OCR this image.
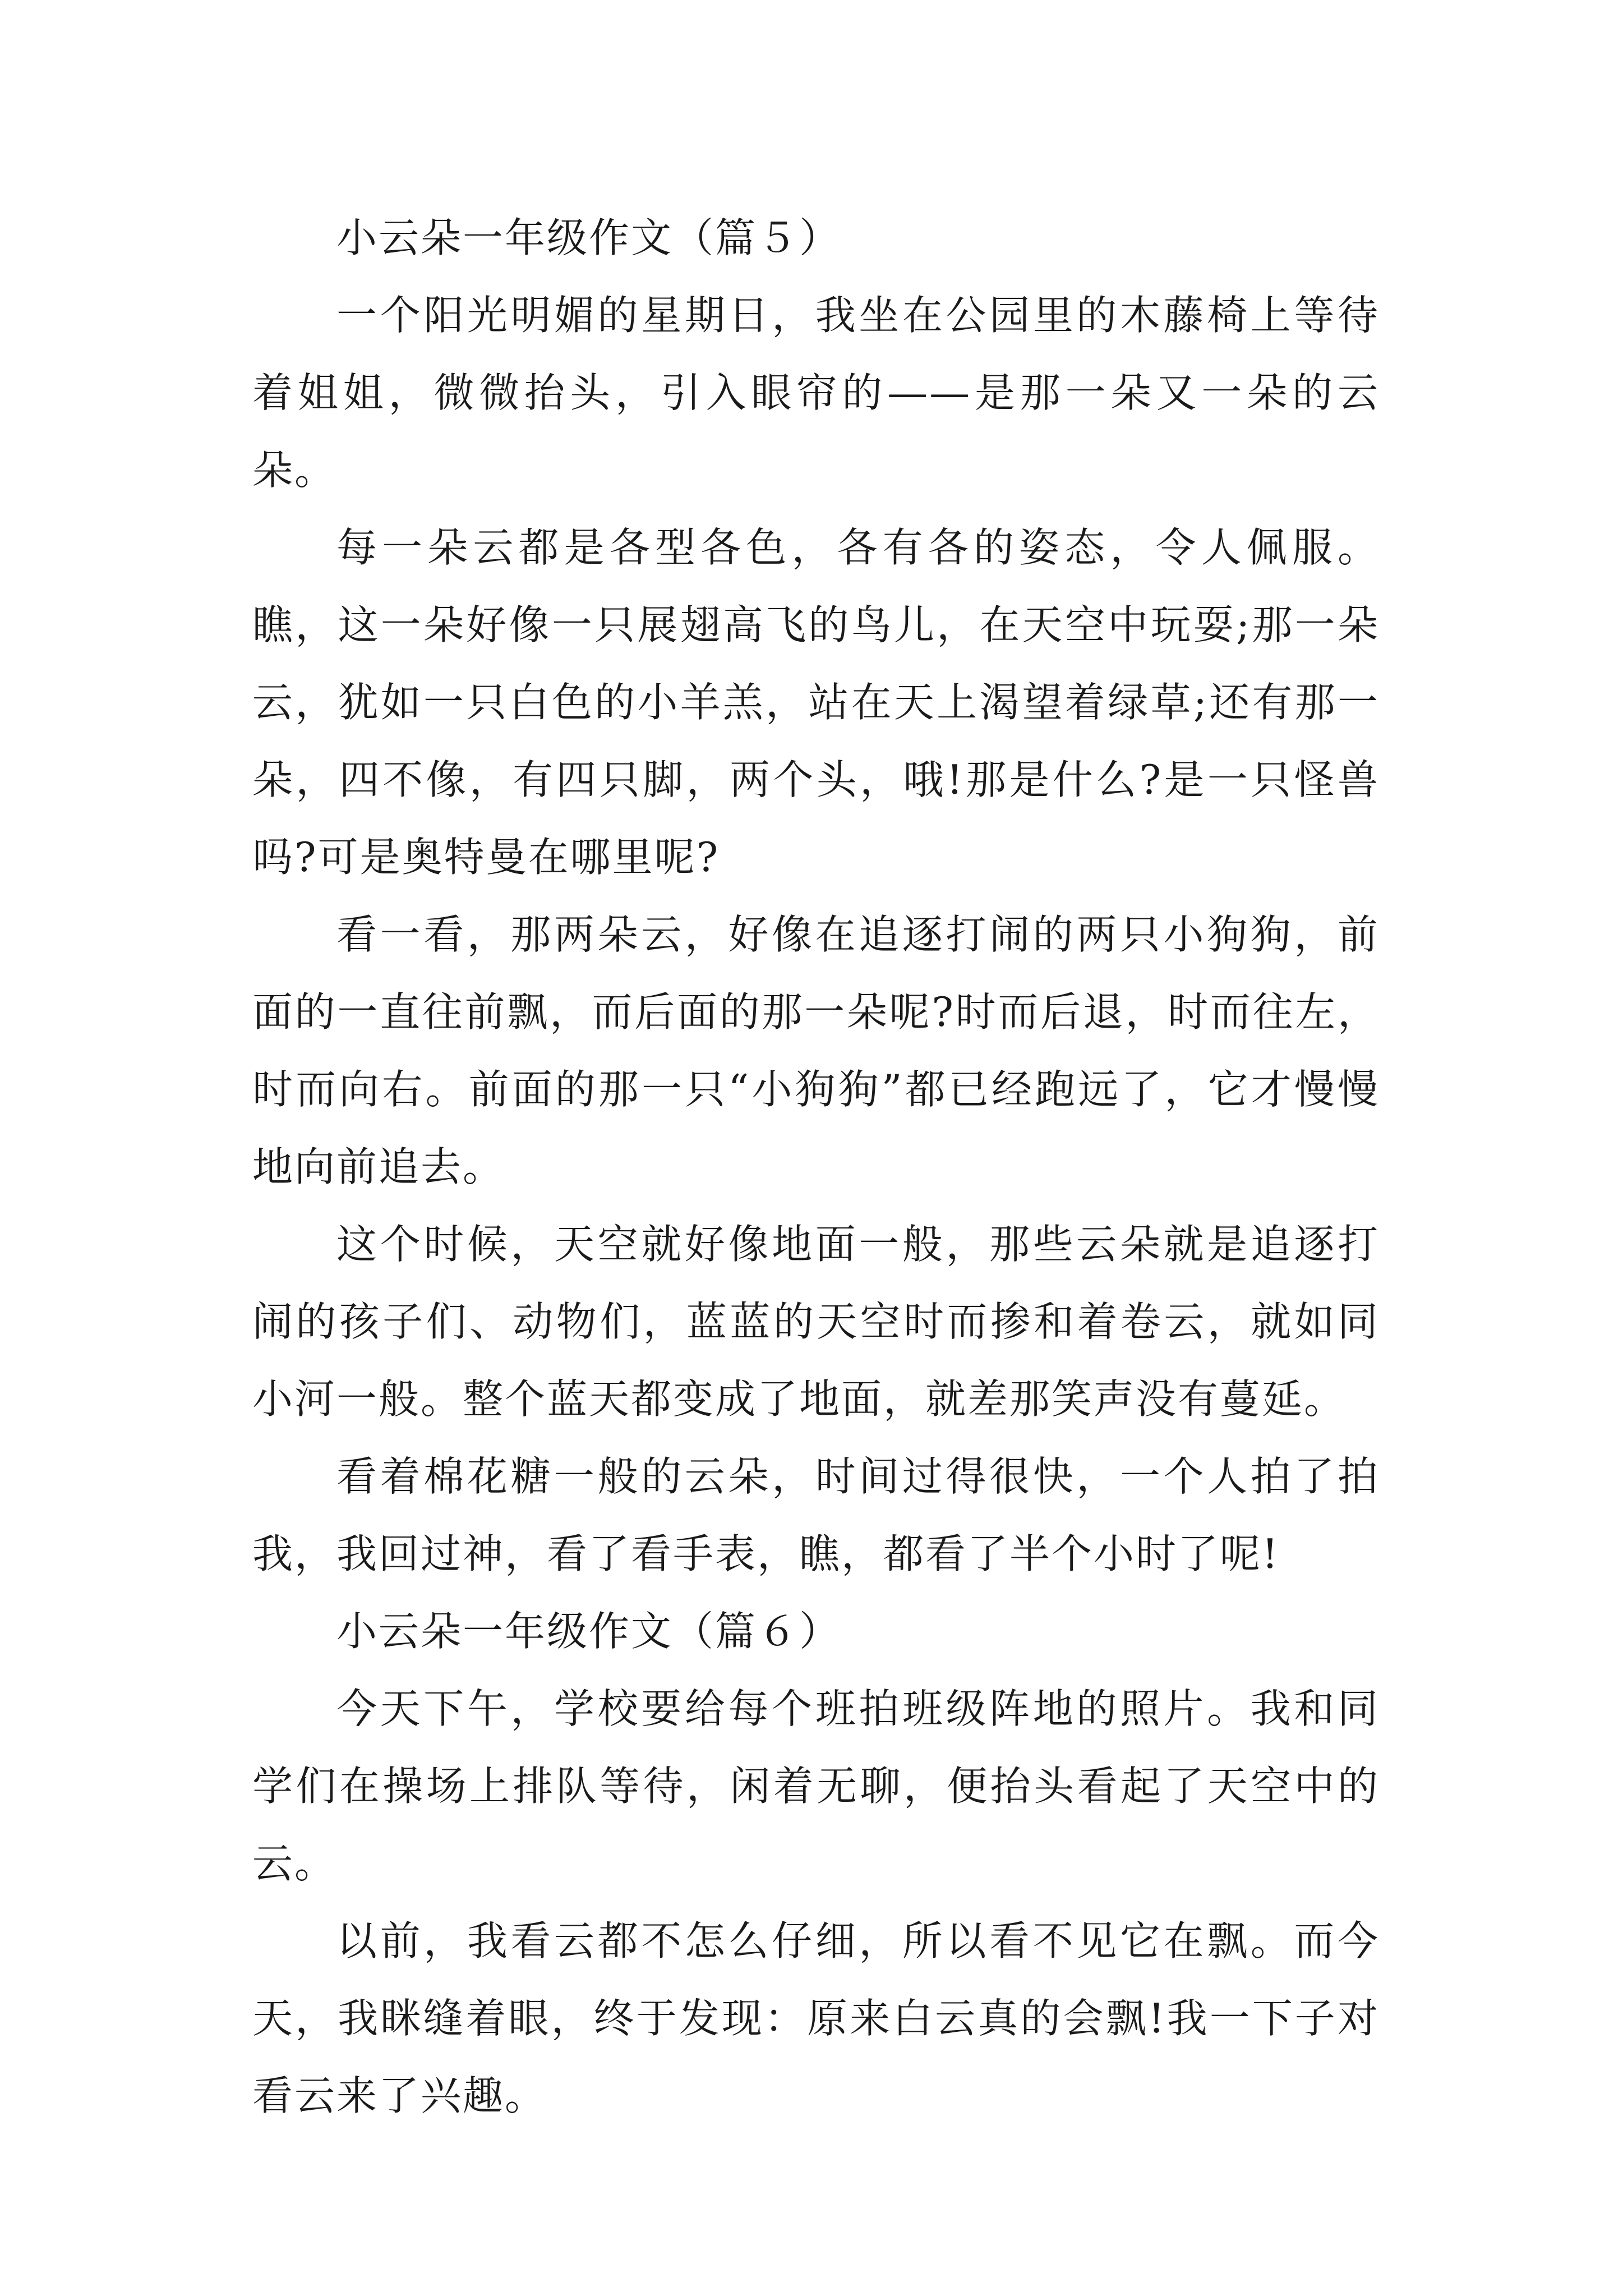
小云朵一年级作文（篇５）

一个阳光明媚的星期日，我坐在公园里的木藤椅上等待着姐姐，微微抬头，引入眼帘的——是那一朵又一朵的云朵。

每一朵云都是各型各色，各有各的姿态，令人佩服。瞧，这一朵好像一只展翅高飞的鸟儿，在天空中玩耍;那一朵云，犹如一只白色的小羊羔，站在天上渴望着绿草;还有那一朵，四不像，有四只脚，两个头，哦!那是什么?是一只怪兽吗?可是奥特曼在哪里呢?

看一看，那两朵云，好像在追逐打闹的两只小狗狗，前面的一直往前飘，而后面的那一朵呢?时而后退，时而往左，时而向右。前面的那一只“小狗狗”都已经跑远了，它才慢慢地向前追去。

这个时候，天空就好像地面一般，那些云朵就是追逐打闹的孩子们、动物们，蓝蓝的天空时而掺和着卷云，就如同小河一般。整个蓝天都变成了地面，就差那笑声没有蔓延。

看着棉花糖一般的云朵，时间过得很快，一个人拍了拍我，我回过神，看了看手表，瞧，都看了半个小时了呢!

小云朵一年级作文（篇６）

今天下午，学校要给每个班拍班级阵地的照片。我和同学们在操场上排队等待，闲着无聊，便抬头看起了天空中的云。

以前，我看云都不怎么仔细，所以看不见它在飘。而今天，我眯缝着眼，终于发现：原来白云真的会飘!我一下子对看云来了兴趣。
